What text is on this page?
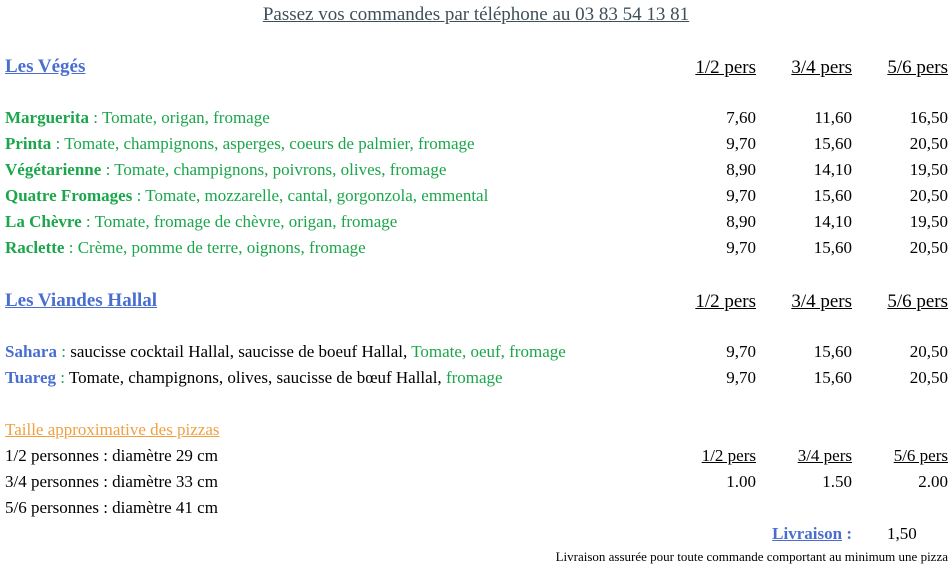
Passez vos commandes par téléphone au 03 83 54 13 81
Les Végés	1/2 pers 3/4 pers 5/6 pers
Marguerita : Tomate, origan, fromage	7,60	11,60	16,50
Printa : Tomate, champignons, asperges, coeurs de palmier, fromage	9,70	15,60	20,50
Végétarienne : Tomate, champignons, poivrons, olives, fromage	8,90	14,10	19,50
Quatre Fromages : Tomate, mozzarelle, cantal, gorgonzola, emmental	9,70	15,60	20,50
La Chèvre : Tomate, fromage de chèvre, origan, fromage	8,90	14,10	19,50
Raclette : Crème, pomme de terre, oignons, fromage	9,70	15,60	20,50
Les Viandes Hallal	1/2 pers 3/4 pers 5/6 pers
Sahara : saucisse cocktail Hallal, saucisse de boeuf Hallal, Tomate, oeuf, fromage	9,70	15,60	20,50
Tuareg : Tomate, champignons, olives, saucisse de bœuf Hallal, fromage	9,70	15,60	20,50
Taille approximative des pizzas
1/2 personnes : diamètre 29 cm
3/4 personnes : diamètre 33 cm
5/6 personnes : diamètre 41 cm
1/2 pers 3/4 pers 5/6 pers
1.00	1.50	2.00
Livraison : 1,50
Livraison assurée pour toute commande comportant au minimum une pizza
